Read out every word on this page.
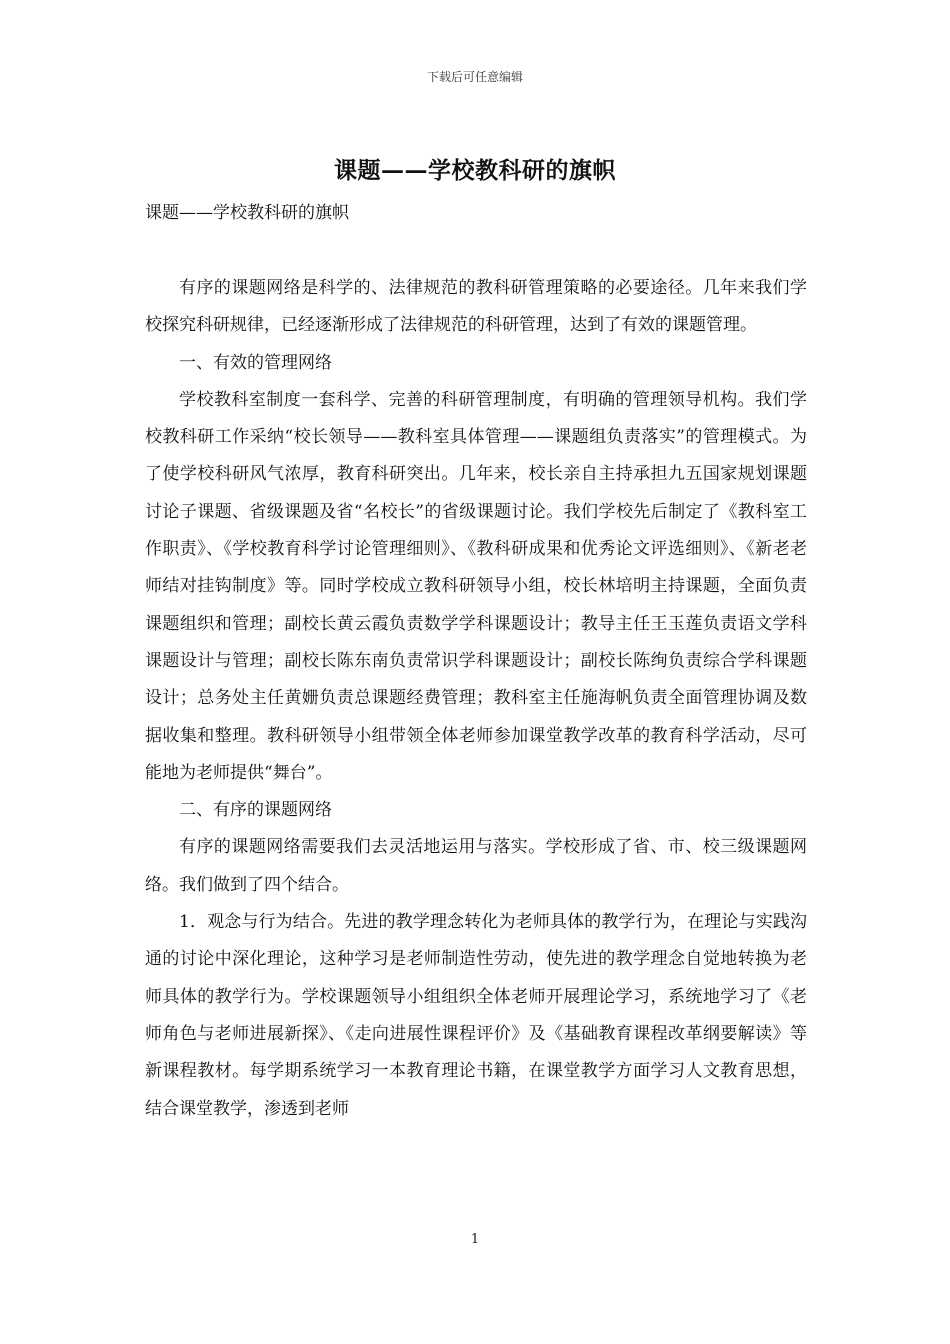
下载后可任意编辑
课题——学校教科研的旗帜
课题——学校教科研的旗帜

有序的课题网络是科学的、法律规范的教科研管理策略的必要途径。几年来我们学校探究科研规律，已经逐渐形成了法律规范的科研管理，达到了有效的课题管理。

一、有效的管理网络

学校教科室制度一套科学、完善的科研管理制度，有明确的管理领导机构。我们学校教科研工作采纳“校长领导——教科室具体管理——课题组负责落实”的管理模式。为了使学校科研风气浓厚，教育科研突出。几年来，校长亲自主持承担九五国家规划课题讨论子课题、省级课题及省“名校长”的省级课题讨论。我们学校先后制定了《教科室工作职责》、《学校教育科学讨论管理细则》、《教科研成果和优秀论文评选细则》、《新老老师结对挂钩制度》等。同时学校成立教科研领导小组，校长林培明主持课题，全面负责课题组织和管理；副校长黄云霞负责数学学科课题设计；教导主任王玉莲负责语文学科课题设计与管理；副校长陈东南负责常识学科课题设计；副校长陈绚负责综合学科课题设计；总务处主任黄姗负责总课题经费管理；教科室主任施海帆负责全面管理协调及数据收集和整理。教科研领导小组带领全体老师参加课堂教学改革的教育科学活动，尽可能地为老师提供“舞台”。

二、有序的课题网络

有序的课题网络需要我们去灵活地运用与落实。学校形成了省、市、校三级课题网络。我们做到了四个结合。

1．观念与行为结合。先进的教学理念转化为老师具体的教学行为，在理论与实践沟通的讨论中深化理论，这种学习是老师制造性劳动，使先进的教学理念自觉地转换为老师具体的教学行为。学校课题领导小组组织全体老师开展理论学习，系统地学习了《老师角色与老师进展新探》、《走向进展性课程评价》及《基础教育课程改革纲要解读》等新课程教材。每学期系统学习一本教育理论书籍，在课堂教学方面学习人文教育思想，结合课堂教学，渗透到老师

1
